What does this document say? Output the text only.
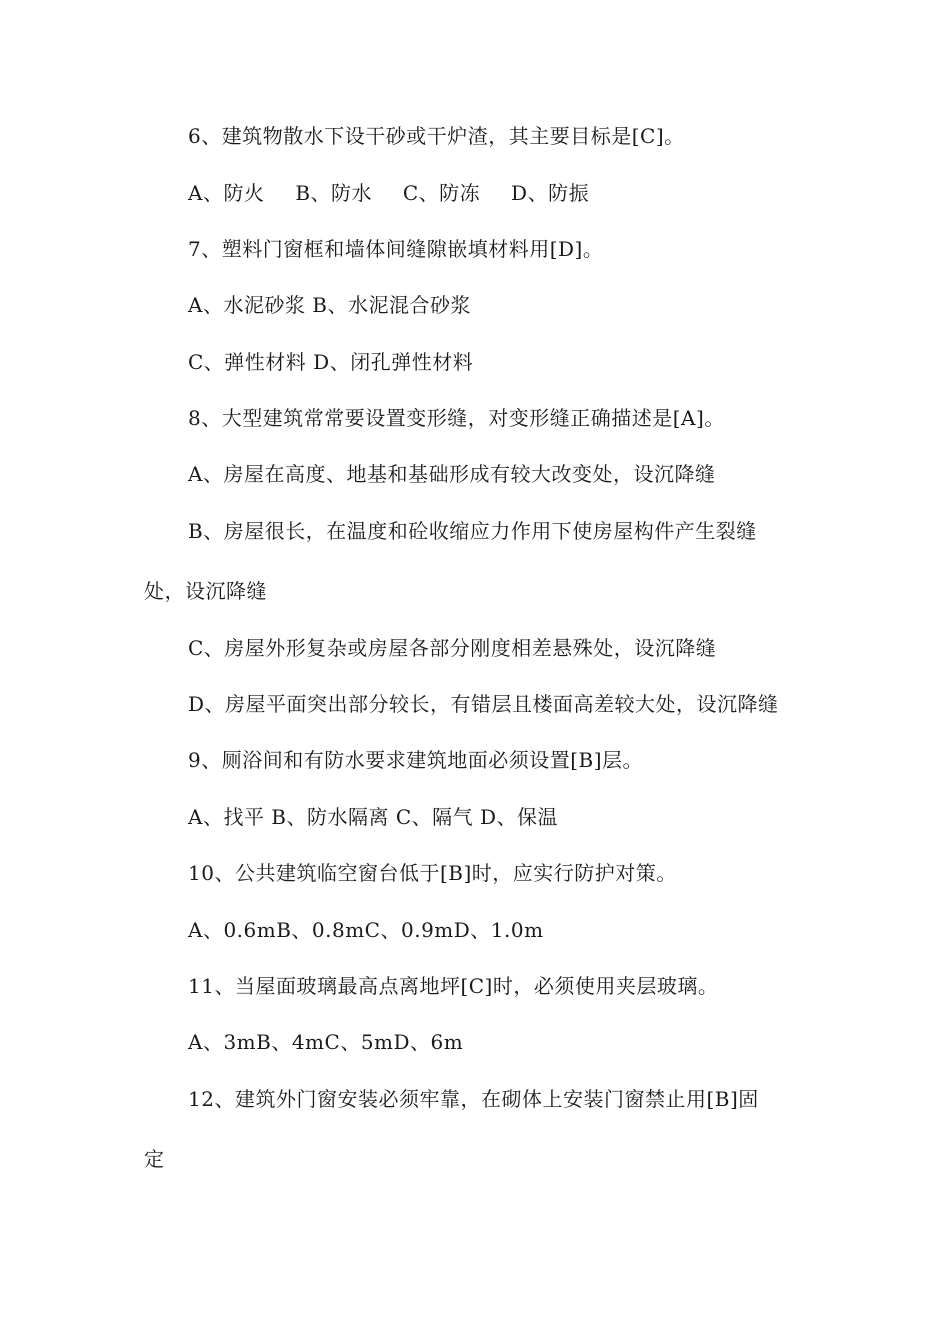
6、建筑物散水下设干砂或干炉渣，其主要目标是[C]。
A、防火 B、防水 C、防冻 D、防振
7、塑料门窗框和墙体间缝隙嵌填材料用[D]。
A、水泥砂浆 B、水泥混合砂浆
C、弹性材料 D、闭孔弹性材料
8、大型建筑常常要设置变形缝，对变形缝正确描述是[A]。
A、房屋在高度、地基和基础形成有较大改变处，设沉降缝
B、房屋很长，在温度和砼收缩应力作用下使房屋构件产生裂缝
处，设沉降缝
C、房屋外形复杂或房屋各部分刚度相差悬殊处，设沉降缝
D、房屋平面突出部分较长，有错层且楼面高差较大处，设沉降缝
9、厕浴间和有防水要求建筑地面必须设置[B]层。
A、找平 B、防水隔离 C、隔气 D、保温
10、公共建筑临空窗台低于[B]时，应实行防护对策。
A、0.6mB、0.8mC、0.9mD、1.0m
11、当屋面玻璃最高点离地坪[C]时，必须使用夹层玻璃。
A、3mB、4mC、5mD、6m
12、建筑外门窗安装必须牢靠，在砌体上安装门窗禁止用[B]固
定
